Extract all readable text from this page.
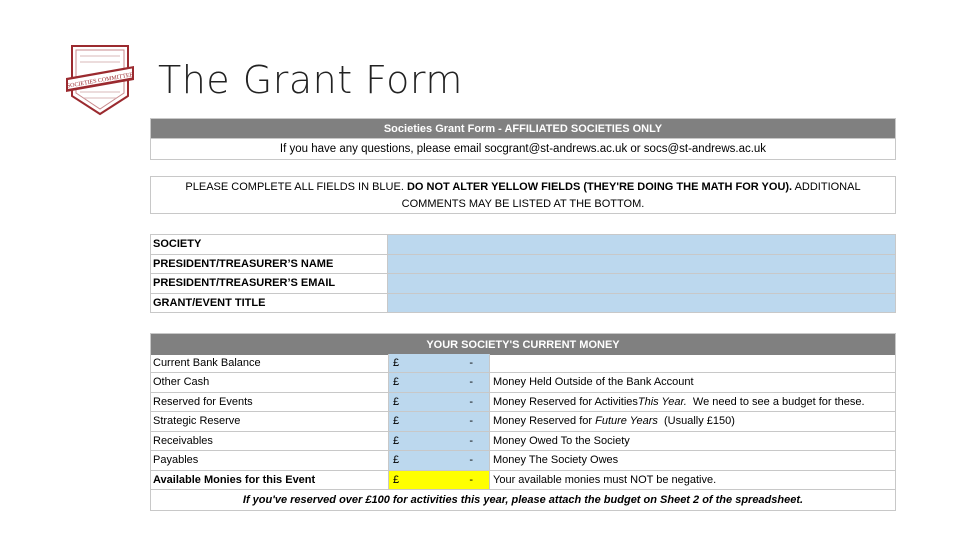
SOCIETIES COMMITTEE The Grant Form
Societies Grant Form - AFFILIATED SOCIETIES ONLY
If you have any questions, please email socgrant@st-andrews.ac.uk or socs@st-andrews.ac.uk
PLEASE COMPLETE ALL FIELDS IN BLUE. DO NOT ALTER YELLOW FIELDS (THEY'RE DOING THE MATH FOR YOU). ADDITIONAL COMMENTS MAY BE LISTED AT THE BOTTOM.
SOCIETY
PRESIDENT/TREASURER’S NAME
PRESIDENT/TREASURER’S EMAIL
GRANT/EVENT TITLE
YOUR SOCIETY'S CURRENT MONEY
Current Bank Balance	£	-
Other Cash	£	-	Money Held Outside of the Bank Account
Reserved for Events	£	-	Money Reserved for Activities This Year. We need to see a budget for these.
Strategic Reserve	£	-	Money Reserved for Future Years (Usually £150)
Receivables	£	-	Money Owed To the Society
Payables	£	-	Money The Society Owes
Available Monies for this Event	£	-	Your available monies must NOT be negative.
If you've reserved over £100 for activities this year, please attach the budget on Sheet 2 of the spreadsheet.
